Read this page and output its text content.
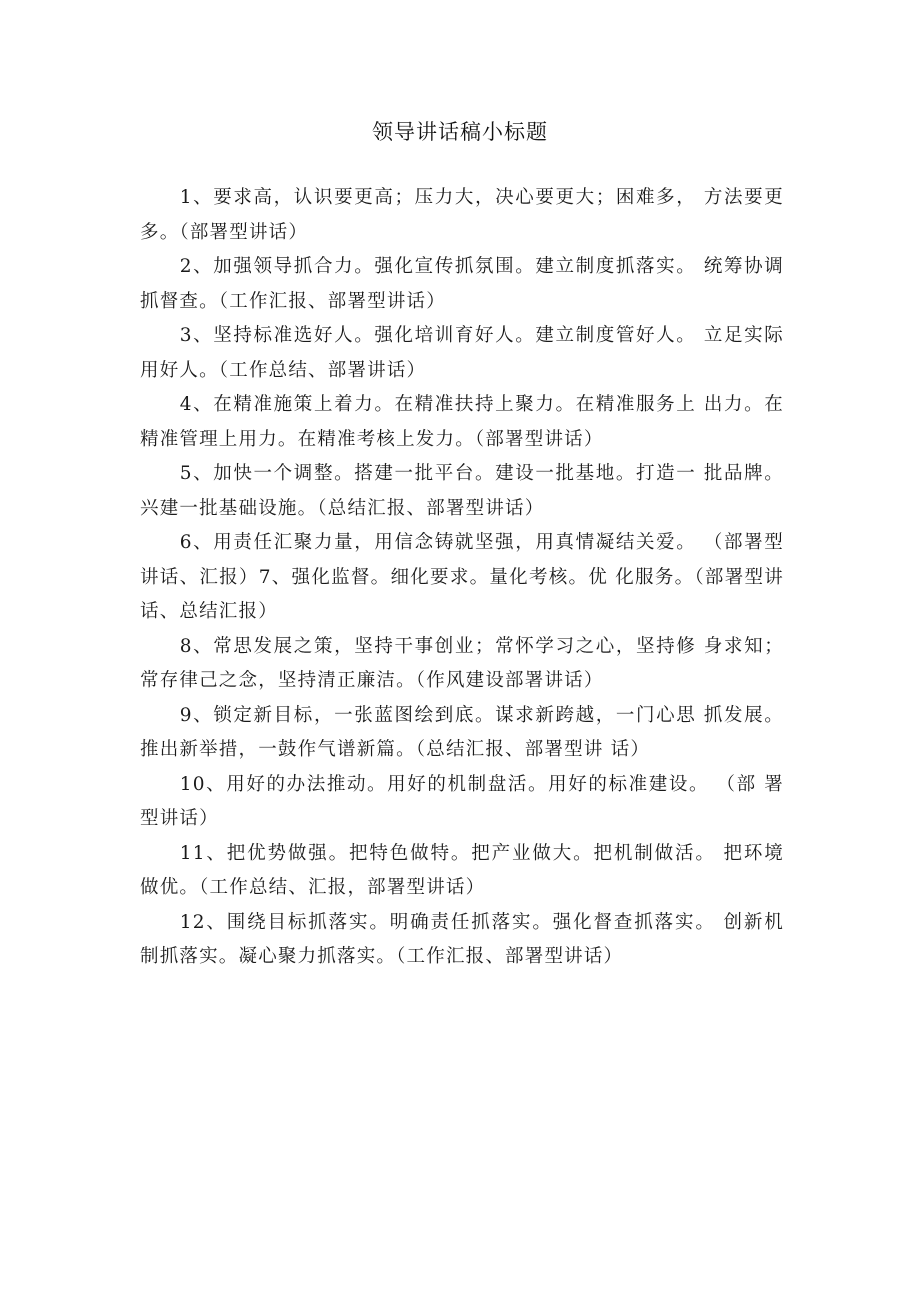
领导讲话稿小标题

1、要求高，认识要更高；压力大，决心要更大；困难多， 方法要更多。（部署型讲话）

2、加强领导抓合力。强化宣传抓氛围。建立制度抓落实。 统筹协调抓督查。（工作汇报、部署型讲话）

3、坚持标准选好人。强化培训育好人。建立制度管好人。 立足实际用好人。（工作总结、部署讲话）

4、在精准施策上着力。在精准扶持上聚力。在精准服务上 出力。在精准管理上用力。在精准考核上发力。（部署型讲话）

5、加快一个调整。搭建一批平台。建设一批基地。打造一 批品牌。兴建一批基础设施。（总结汇报、部署型讲话）

6、用责任汇聚力量，用信念铸就坚强，用真情凝结关爱。 （部署型讲话、汇报）7、强化监督。细化要求。量化考核。优 化服务。（部署型讲话、总结汇报）

8、常思发展之策，坚持干事创业；常怀学习之心，坚持修 身求知；常存律己之念，坚持清正廉洁。（作风建设部署讲话）

9、锁定新目标，一张蓝图绘到底。谋求新跨越，一门心思 抓发展。推出新举措，一鼓作气谱新篇。（总结汇报、部署型讲 话）

10、用好的办法推动。用好的机制盘活。用好的标准建设。 （部 署型讲话）

11、把优势做强。把特色做特。把产业做大。把机制做活。 把环境做优。（工作总结、汇报，部署型讲话）

12、围绕目标抓落实。明确责任抓落实。强化督查抓落实。 创新机制抓落实。凝心聚力抓落实。（工作汇报、部署型讲话）
